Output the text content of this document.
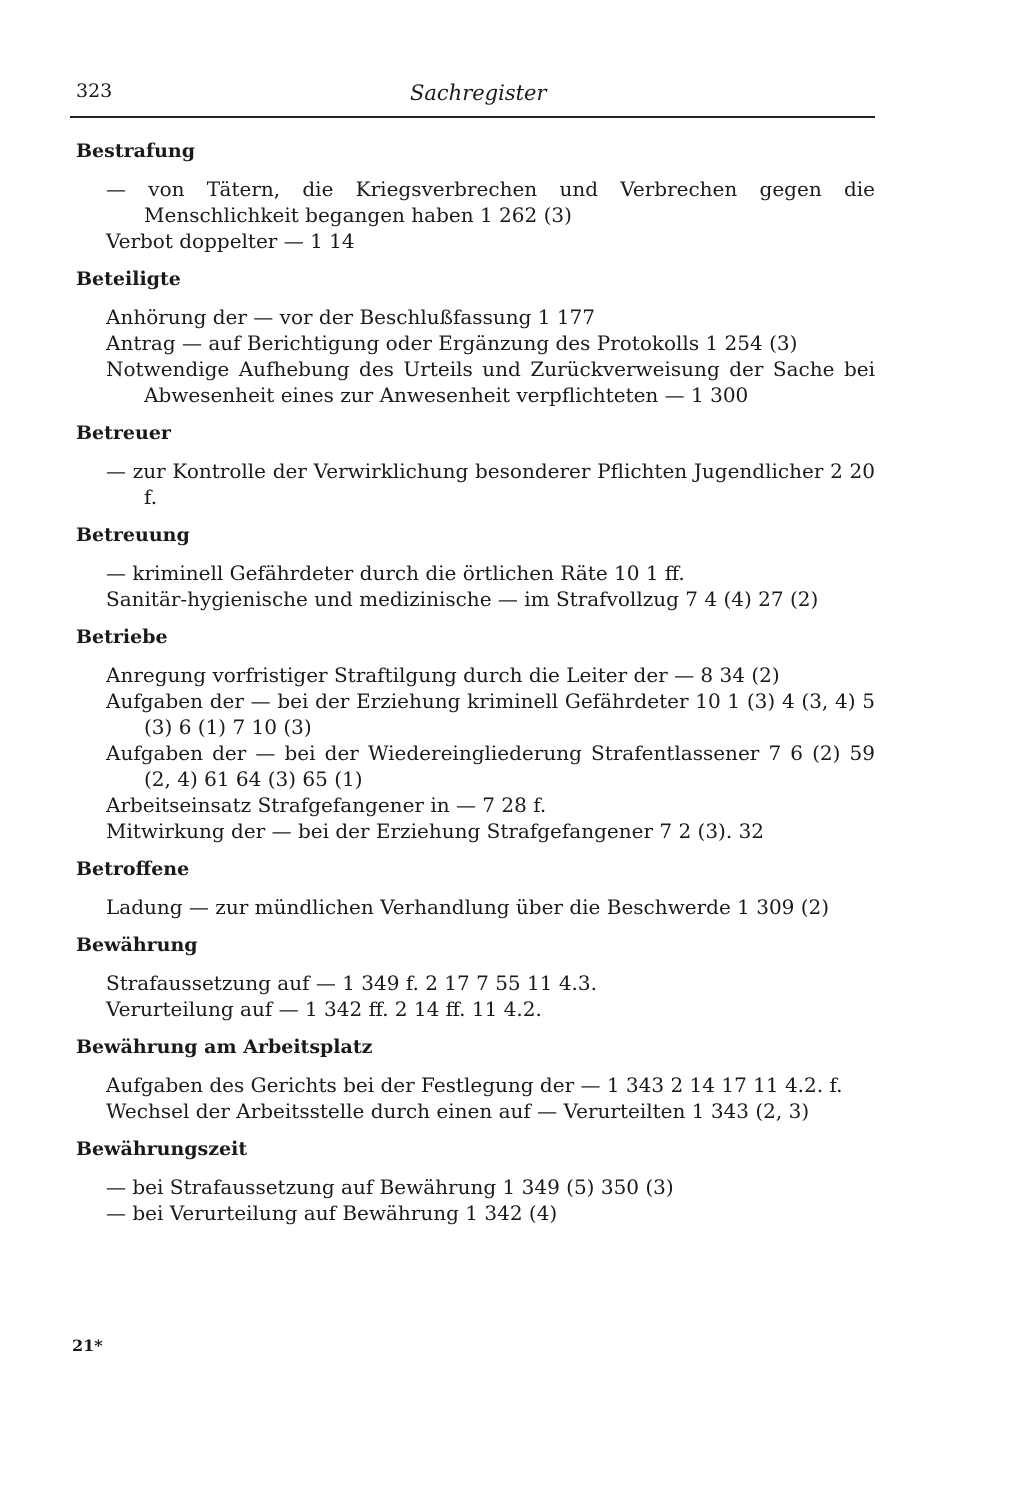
323	Sachregister
Bestrafung
— von Tätern, die Kriegsverbrechen und Verbrechen gegen die Menschlichkeit begangen haben 1 262 (3)
Verbot doppelter — 1 14
Beteiligte
Anhörung der — vor der Beschlußfassung 1 177
Antrag — auf Berichtigung oder Ergänzung des Protokolls 1 254 (3)
Notwendige Aufhebung des Urteils und Zurückverweisung der Sache bei Abwesenheit eines zur Anwesenheit verpflichteten — 1 300
Betreuer
— zur Kontrolle der Verwirklichung besonderer Pflichten Jugendlicher 2 20 f.
Betreuung
— kriminell Gefährdeter durch die örtlichen Räte 10 1 ff.
Sanitär-hygienische und medizinische — im Strafvollzug 7 4 (4) 27 (2)
Betriebe
Anregung vorfristiger Straftilgung durch die Leiter der — 8 34 (2)
Aufgaben der — bei der Erziehung kriminell Gefährdeter 10 1 (3) 4 (3, 4) 5 (3) 6 (1) 7 10 (3)
Aufgaben der — bei der Wiedereingliederung Strafentlassener 7 6 (2) 59 (2, 4) 61 64 (3) 65 (1)
Arbeitseinsatz Strafgefangener in — 7 28 f.
Mitwirkung der — bei der Erziehung Strafgefangener 7 2 (3). 32
Betroffene
Ladung — zur mündlichen Verhandlung über die Beschwerde 1 309 (2)
Bewährung
Strafaussetzung auf — 1 349 f. 2 17 7 55 11 4.3.
Verurteilung auf — 1 342 ff. 2 14 ff. 11 4.2.
Bewährung am Arbeitsplatz
Aufgaben des Gerichts bei der Festlegung der — 1 343 2 14 17 11 4.2. f.
Wechsel der Arbeitsstelle durch einen auf — Verurteilten 1 343 (2, 3)
Bewährungszeit
— bei Strafaussetzung auf Bewährung 1 349 (5) 350 (3)
— bei Verurteilung auf Bewährung 1 342 (4)
21*
